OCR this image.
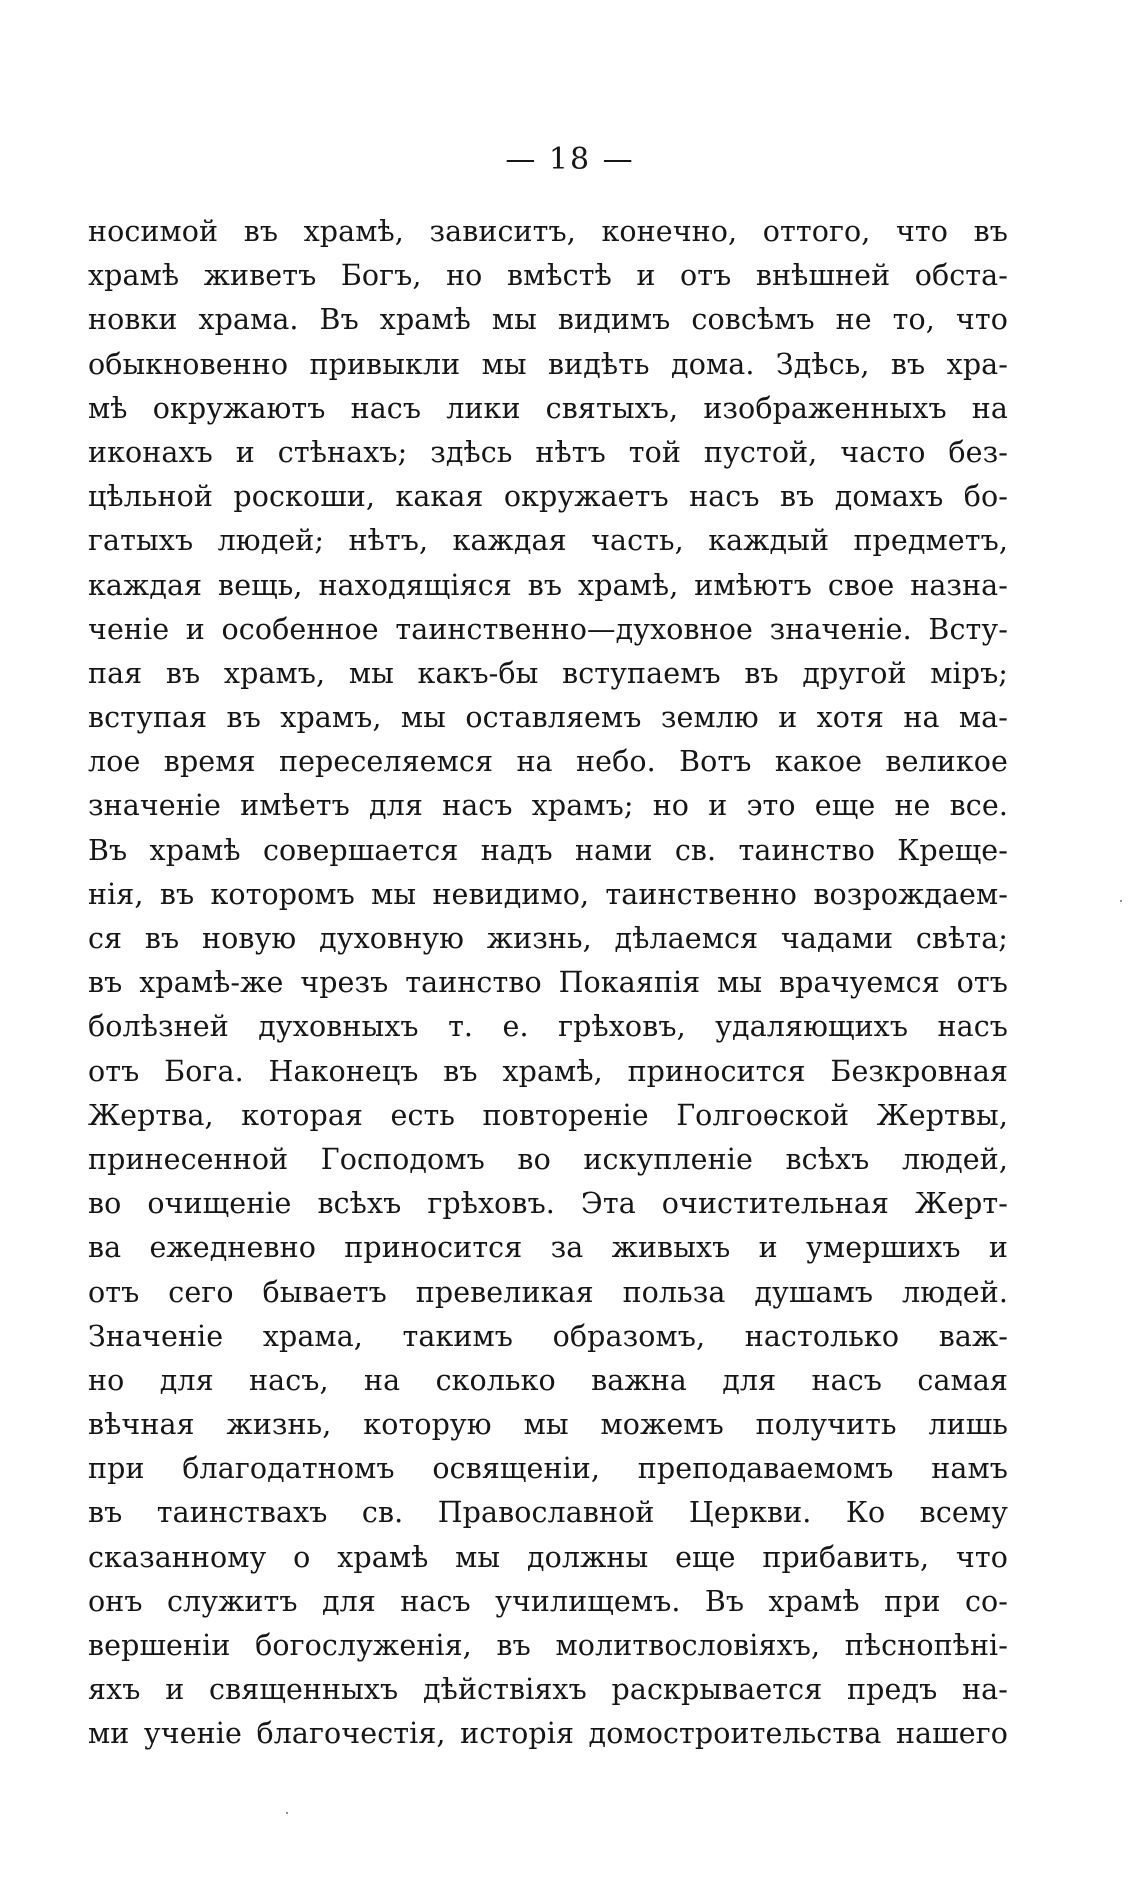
— 18 —
носимой въ храмѣ, зависитъ, конечно, оттого, что въ
храмѣ живетъ Богъ, но вмѣстѣ и отъ внѣшней обста-
новки храма. Въ храмѣ мы видимъ совсѣмъ не то, что
обыкновенно привыкли мы видѣть дома. Здѣсь, въ хра-
мѣ окружаютъ насъ лики святыхъ, изображенныхъ на
иконахъ и стѣнахъ; здѣсь нѣтъ той пустой, часто без-
цѣльной роскоши, какая окружаетъ насъ въ домахъ бо-
гатыхъ людей; нѣтъ, каждая часть, каждый предметъ,
каждая вещь, находящіяся въ храмѣ, имѣютъ свое назна-
ченіе и особенное таинственно—духовное значеніе. Всту-
пая въ храмъ, мы какъ-бы вступаемъ въ другой міръ;
вступая въ храмъ, мы оставляемъ землю и хотя на ма-
лое время переселяемся на небо. Вотъ какое великое
значеніе имѣетъ для насъ храмъ; но и это еще не все.
Въ храмѣ совершается надъ нами св. таинство Креще-
нія, въ которомъ мы невидимо, таинственно возрождаем-
ся въ новую духовную жизнь, дѣлаемся чадами свѣта;
въ храмѣ-же чрезъ таинство Покаяпія мы врачуемся отъ
болѣзней духовныхъ т. е. грѣховъ, удаляющихъ насъ
отъ Бога. Наконецъ въ храмѣ, приносится Безкровная
Жертва, которая есть повтореніе Голгоѳской Жертвы,
принесенной Господомъ во искупленіе всѣхъ людей,
во очищеніе всѣхъ грѣховъ. Эта очистительная Жерт-
ва ежедневно приносится за живыхъ и умершихъ и
отъ сего бываетъ превеликая польза душамъ людей.
Значеніе храма, такимъ образомъ, настолько важ-
но для насъ, на сколько важна для насъ самая
вѣчная жизнь, которую мы можемъ получить лишь
при благодатномъ освященіи, преподаваемомъ намъ
въ таинствахъ св. Православной Церкви. Ко всему
сказанному о храмѣ мы должны еще прибавить, что
онъ служитъ для насъ училищемъ. Въ храмѣ при со-
вершеніи богослуженія, въ молитвословіяхъ, пѣснопѣні-
яхъ и священныхъ дѣйствіяхъ раскрывается предъ на-
ми ученіе благочестія, исторія домостроительства нашего
